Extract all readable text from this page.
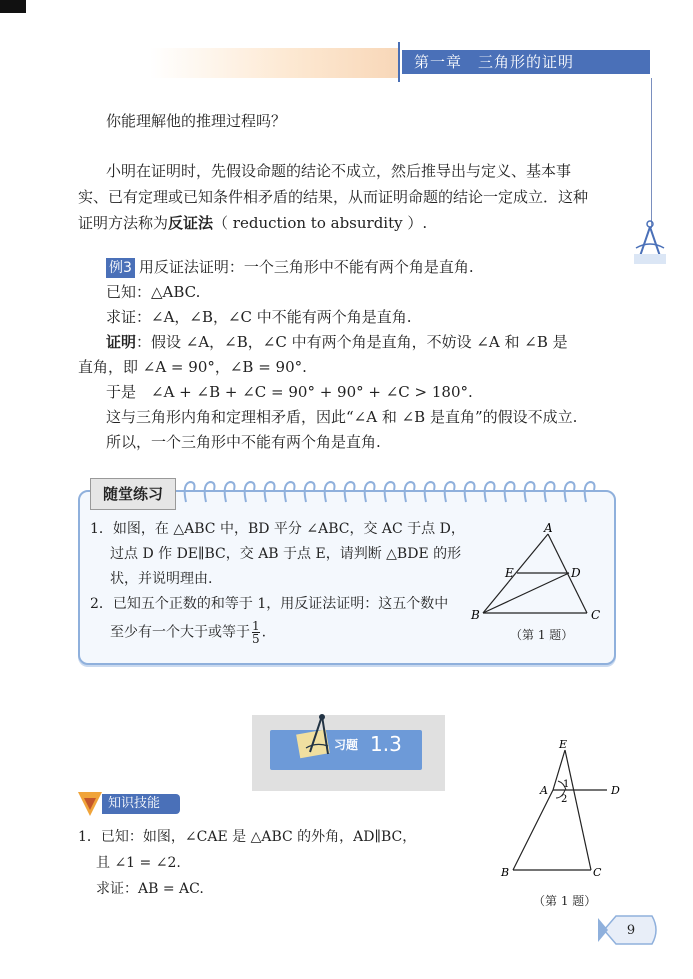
第一章　三角形的证明

你能理解他的推理过程吗？

小明在证明时，先假设命题的结论不成立，然后推导出与定义、基本事

实、已有定理或已知条件相矛盾的结果，从而证明命题的结论一定成立．这种

证明方法称为反证法（ reduction to absurdity ）.

例3 用反证法证明：一个三角形中不能有两个角是直角.

已知：△ABC.

求证：∠A，∠B，∠C 中不能有两个角是直角.

证明：假设 ∠A，∠B，∠C 中有两个角是直角，不妨设 ∠A 和 ∠B 是

直角，即 ∠A = 90°，∠B = 90°.

于是　∠A + ∠B + ∠C = 90° + 90° + ∠C > 180°.

这与三角形内角和定理相矛盾，因此“∠A 和 ∠B 是直角”的假设不成立.

所以，一个三角形中不能有两个角是直角.

随堂练习

1．如图，在 △ABC 中，BD 平分 ∠ABC，交 AC 于点 D，

过点 D 作 DE∥BC，交 AB 于点 E，请判断 △BDE 的形

状，并说明理由.

2．已知五个正数的和等于 1，用反证法证明：这五个数中

至少有一个大于或等于 $\frac{1}{5}$ .

A
B	C
D
E
（第 1 题）
习题 1.3
知识技能

1．已知：如图，∠CAE 是 △ABC 的外角，AD∥BC，

且 ∠1 = ∠2.

求证：AB = AC.

E
A	D
B	C
1
2
（第 1 题）
9
